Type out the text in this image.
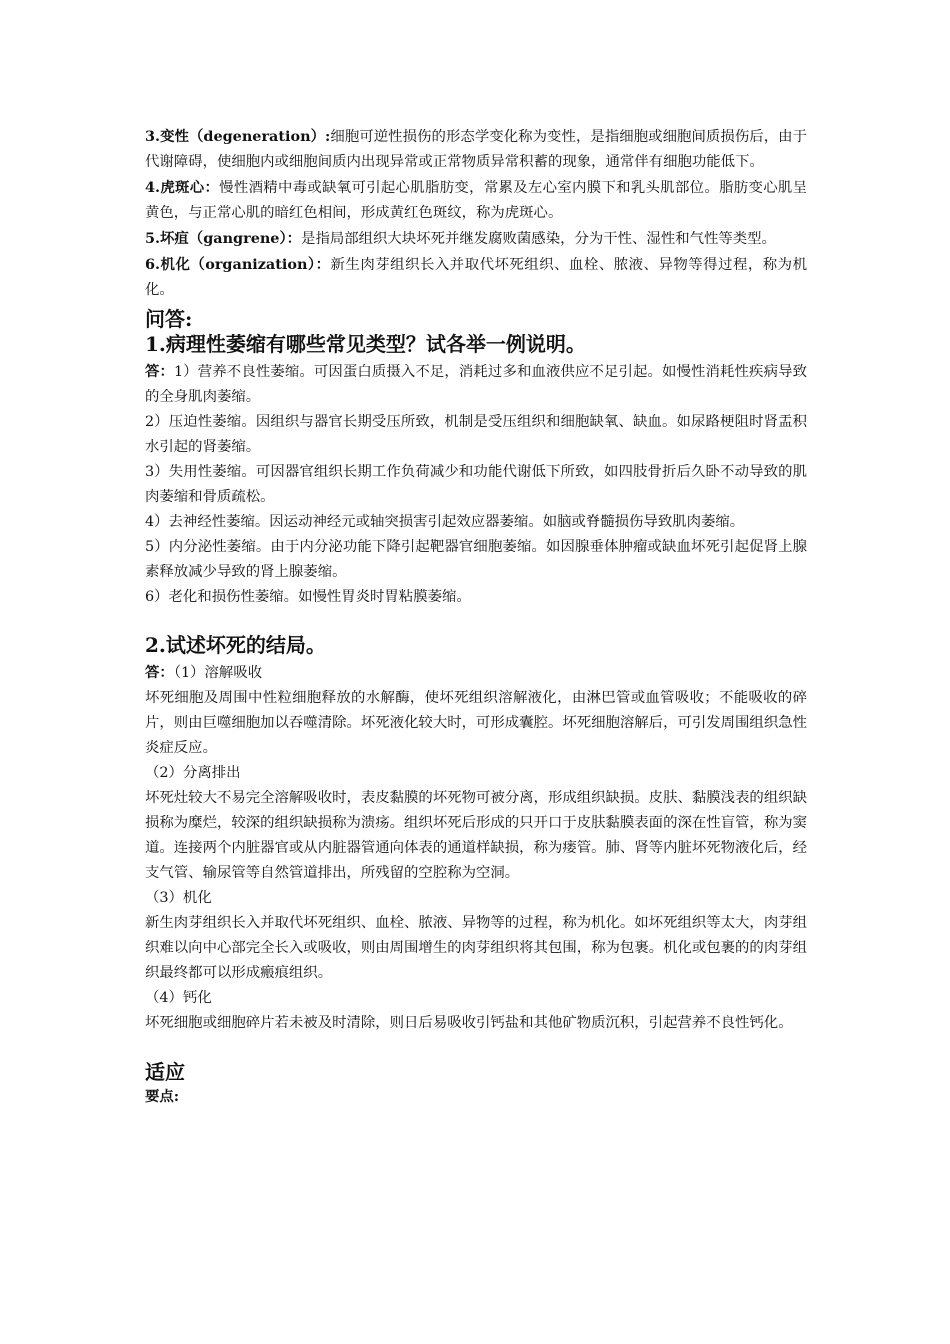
3.变性（degeneration）:细胞可逆性损伤的形态学变化称为变性，是指细胞或细胞间质损伤后，由于代谢障碍，使细胞内或细胞间质内出现异常或正常物质异常积蓄的现象，通常伴有细胞功能低下。
4.虎斑心：慢性酒精中毒或缺氧可引起心肌脂肪变，常累及左心室内膜下和乳头肌部位。脂肪变心肌呈黄色，与正常心肌的暗红色相间，形成黄红色斑纹，称为虎斑心。
5.坏疽（gangrene）：是指局部组织大块坏死并继发腐败菌感染，分为干性、湿性和气性等类型。
6.机化（organization）：新生肉芽组织长入并取代坏死组织、血栓、脓液、异物等得过程，称为机化。
问答:
1.病理性萎缩有哪些常见类型？试各举一例说明。
答：1）营养不良性萎缩。可因蛋白质摄入不足，消耗过多和血液供应不足引起。如慢性消耗性疾病导致的全身肌肉萎缩。
2）压迫性萎缩。因组织与器官长期受压所致，机制是受压组织和细胞缺氧、缺血。如尿路梗阻时肾盂积水引起的肾萎缩。
3）失用性萎缩。可因器官组织长期工作负荷减少和功能代谢低下所致，如四肢骨折后久卧不动导致的肌肉萎缩和骨质疏松。
4）去神经性萎缩。因运动神经元或轴突损害引起效应器萎缩。如脑或脊髓损伤导致肌肉萎缩。
5）内分泌性萎缩。由于内分泌功能下降引起靶器官细胞萎缩。如因腺垂体肿瘤或缺血坏死引起促肾上腺素释放减少导致的肾上腺萎缩。
6）老化和损伤性萎缩。如慢性胃炎时胃粘膜萎缩。
2.试述坏死的结局。
答：（1）溶解吸收
坏死细胞及周围中性粒细胞释放的水解酶，使坏死组织溶解液化，由淋巴管或血管吸收；不能吸收的碎片，则由巨噬细胞加以吞噬清除。坏死液化较大时，可形成囊腔。坏死细胞溶解后，可引发周围组织急性炎症反应。
（2）分离排出
坏死灶较大不易完全溶解吸收时，表皮黏膜的坏死物可被分离，形成组织缺损。皮肤、黏膜浅表的组织缺损称为糜烂，较深的组织缺损称为溃疡。组织坏死后形成的只开口于皮肤黏膜表面的深在性盲管，称为窦道。连接两个内脏器官或从内脏器管通向体表的通道样缺损，称为瘘管。肺、肾等内脏坏死物液化后，经支气管、输尿管等自然管道排出，所残留的空腔称为空洞。
（3）机化
新生肉芽组织长入并取代坏死组织、血栓、脓液、异物等的过程，称为机化。如坏死组织等太大，肉芽组织难以向中心部完全长入或吸收，则由周围增生的肉芽组织将其包围，称为包裹。机化或包裹的的肉芽组织最终都可以形成瘢痕组织。
（4）钙化
坏死细胞或细胞碎片若未被及时清除，则日后易吸收引钙盐和其他矿物质沉积，引起营养不良性钙化。
适应
要点:
